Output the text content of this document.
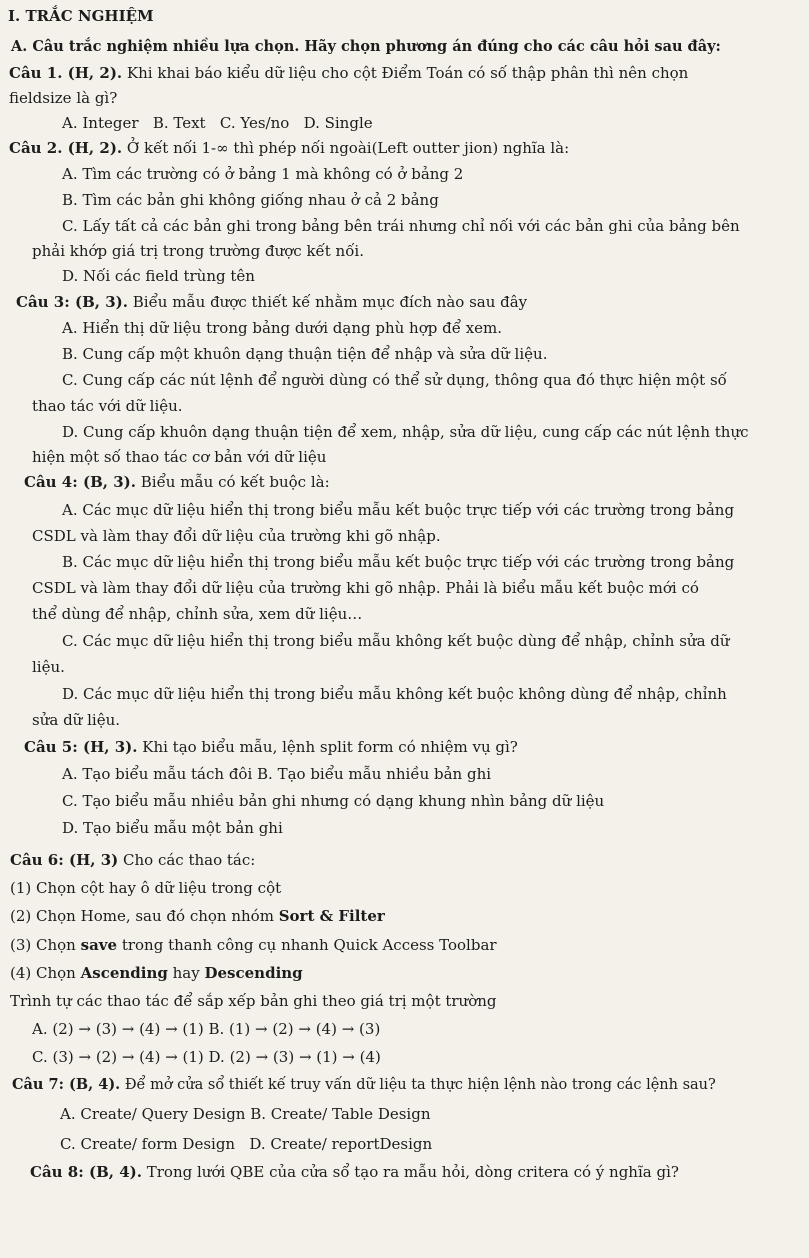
I. TRẮC NGHIỆM
A. Câu trắc nghiệm nhiều lựa chọn. Hãy chọn phương án đúng cho các câu hỏi sau đây:
Câu 1. (H, 2). Khi khai báo kiểu dữ liệu cho cột Điểm Toán có số thập phân thì nên chọn
fieldsize là gì?
A. Integer   B. Text   C. Yes/no   D. Single
Câu 2. (H, 2). Ở kết nối 1-∞ thì phép nối ngoài(Left outter jion) nghĩa là:
A. Tìm các trường có ở bảng 1 mà không có ở bảng 2
B. Tìm các bản ghi không giống nhau ở cả 2 bảng
C. Lấy tất cả các bản ghi trong bảng bên trái nhưng chỉ nối với các bản ghi của bảng bên
phải khớp giá trị trong trường được kết nối.
D. Nối các field trùng tên
Câu 3: (B, 3). Biểu mẫu được thiết kế nhằm mục đích nào sau đây
A. Hiển thị dữ liệu trong bảng dưới dạng phù hợp để xem.
B. Cung cấp một khuôn dạng thuận tiện để nhập và sửa dữ liệu.
C. Cung cấp các nút lệnh để người dùng có thể sử dụng, thông qua đó thực hiện một số
thao tác với dữ liệu.
D. Cung cấp khuôn dạng thuận tiện để xem, nhập, sửa dữ liệu, cung cấp các nút lệnh thực
hiện một số thao tác cơ bản với dữ liệu
Câu 4: (B, 3). Biểu mẫu có kết buộc là:
A. Các mục dữ liệu hiển thị trong biểu mẫu kết buộc trực tiếp với các trường trong bảng
CSDL và làm thay đổi dữ liệu của trường khi gõ nhập.
B. Các mục dữ liệu hiển thị trong biểu mẫu kết buộc trực tiếp với các trường trong bảng
CSDL và làm thay đổi dữ liệu của trường khi gõ nhập. Phải là biểu mẫu kết buộc mới có
thể dùng để nhập, chỉnh sửa, xem dữ liệu…
C. Các mục dữ liệu hiển thị trong biểu mẫu không kết buộc dùng để nhập, chỉnh sửa dữ
liệu.
D. Các mục dữ liệu hiển thị trong biểu mẫu không kết buộc không dùng để nhập, chỉnh
sửa dữ liệu.
Câu 5: (H, 3). Khi tạo biểu mẫu, lệnh split form có nhiệm vụ gì?
A. Tạo biểu mẫu tách đôi B. Tạo biểu mẫu nhiều bản ghi
C. Tạo biểu mẫu nhiều bản ghi nhưng có dạng khung nhìn bảng dữ liệu
D. Tạo biểu mẫu một bản ghi
Câu 6: (H, 3) Cho các thao tác:
(1) Chọn cột hay ô dữ liệu trong cột
(2) Chọn Home, sau đó chọn nhóm Sort & Filter
(3) Chọn save trong thanh công cụ nhanh Quick Access Toolbar
(4) Chọn Ascending hay Descending
Trình tự các thao tác để sắp xếp bản ghi theo giá trị một trường
A. (2) → (3) → (4) → (1) B. (1) → (2) → (4) → (3)
C. (3) → (2) → (4) → (1) D. (2) → (3) → (1) → (4)
Câu 7: (B, 4). Để mở cửa sổ thiết kế truy vấn dữ liệu ta thực hiện lệnh nào trong các lệnh sau?
A. Create/ Query Design B. Create/ Table Design
C. Create/ form Design   D. Create/ reportDesign
Câu 8: (B, 4). Trong lưới QBE của cửa sổ tạo ra mẫu hỏi, dòng critera có ý nghĩa gì?
